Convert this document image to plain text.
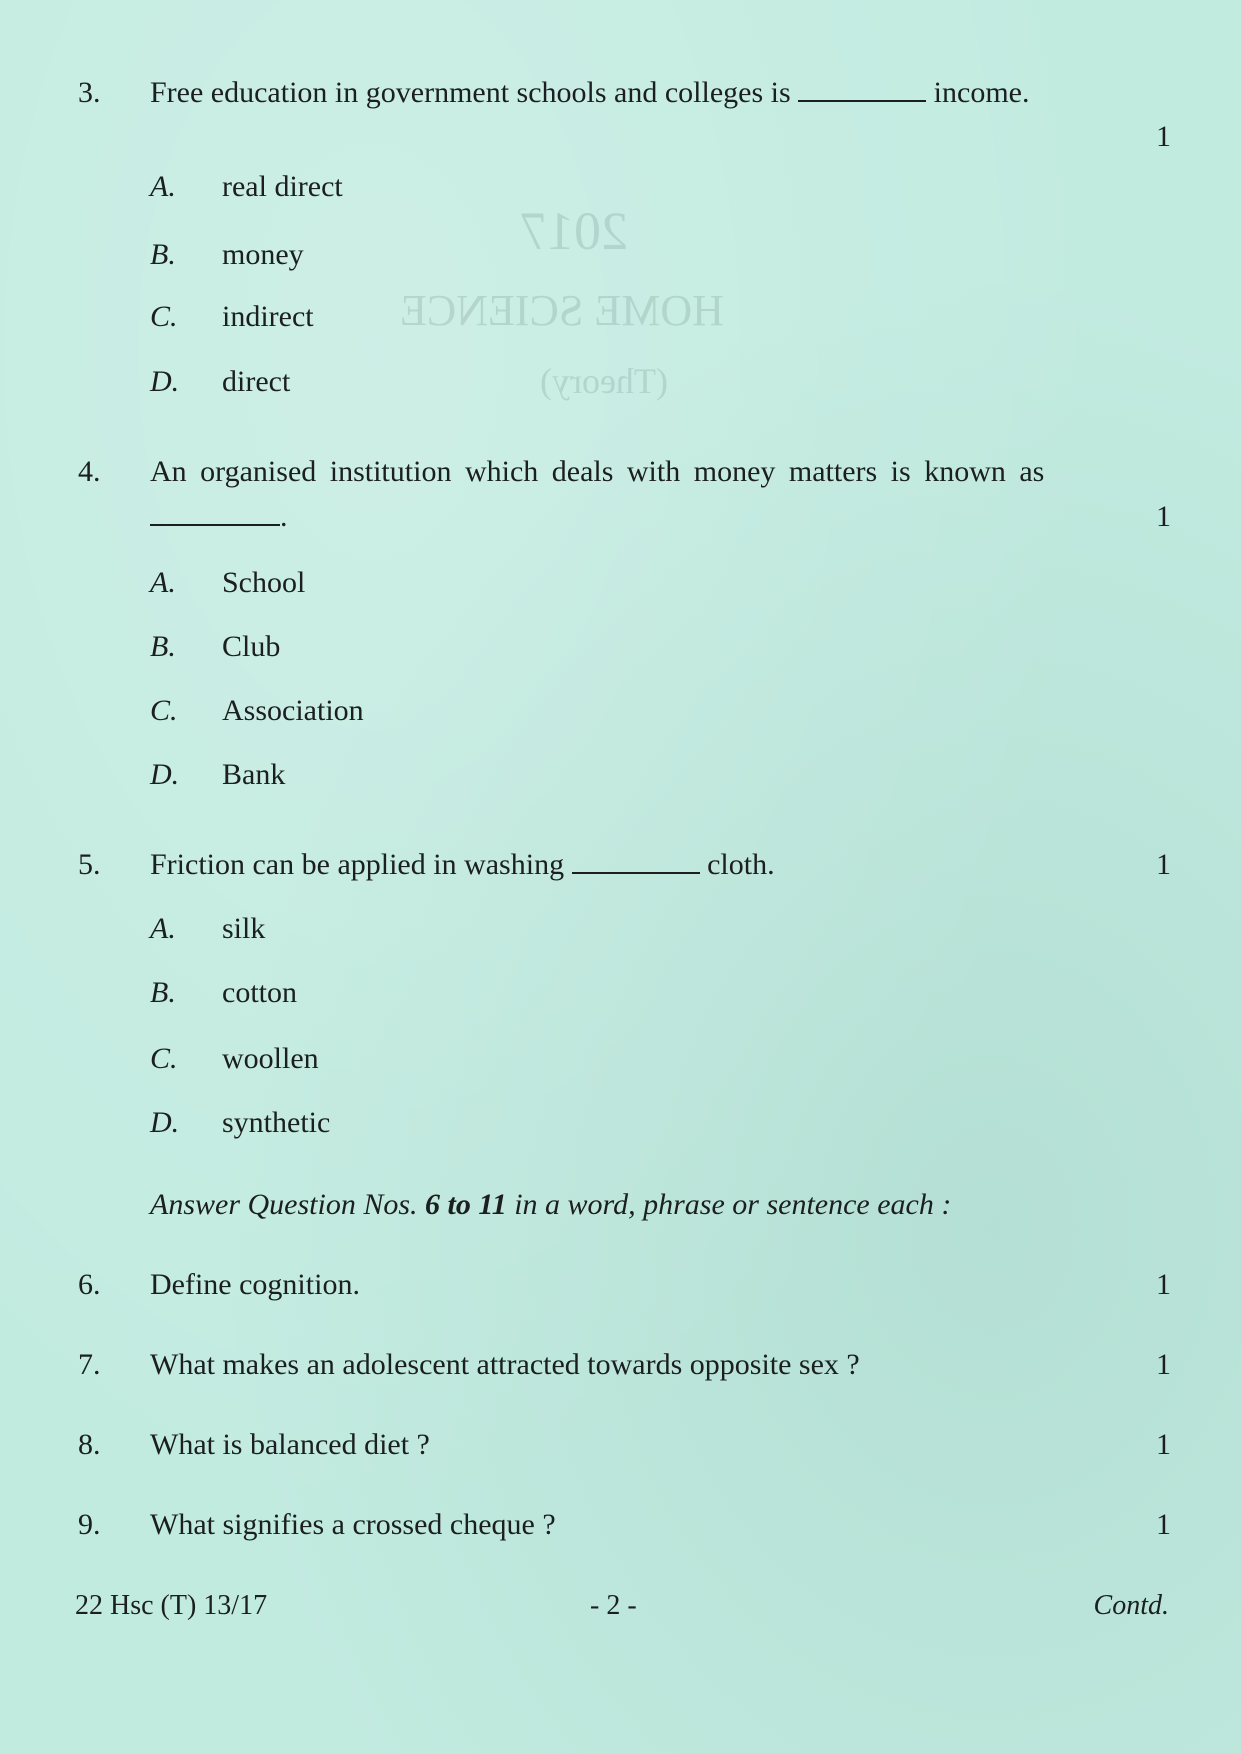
2017
HOME SCIENCE
(Theory)
3. Free education in government schools and colleges is	income.
1
A. real direct
B. money
C. indirect
D. direct
4. An organised institution which deals with money matters is known as
.	1
A. School
B. Club
C. Association
D. Bank
5. Friction can be applied in washing	cloth.	1
A. silk
B. cotton
C. woollen
D. synthetic
Answer Question Nos. 6 to 11 in a word, phrase or sentence each :
6. Define cognition.	1
7. What makes an adolescent attracted towards opposite sex ?	1
8. What is balanced diet ?	1
9. What signifies a crossed cheque ?	1
22 Hsc (T) 13/17	- 2 -	Contd.
